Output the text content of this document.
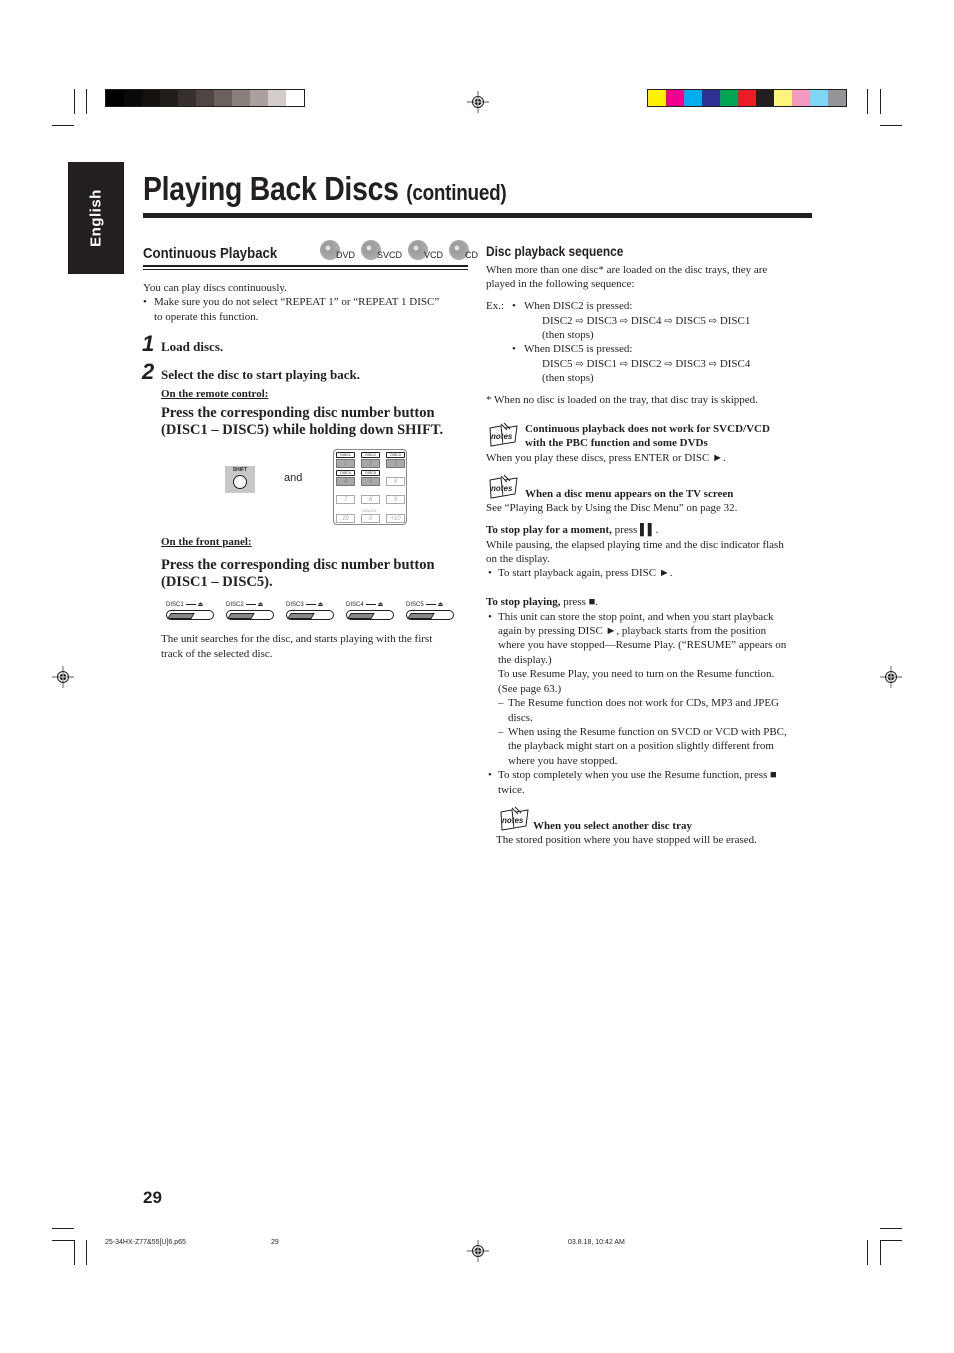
English
Playing Back Discs (continued)
Continuous Playback	DVD SVCD VCD CD
You can play discs continuously.
• Make sure you do not select “REPEAT 1” or “REPEAT 1 DISC”
to operate this function.
1 Load discs.
2 Select the disc to start playing back.
On the remote control:
Press the corresponding disc number button
(DISC1 – DISC5) while holding down SHIFT.
SHIFT
and
DISC1	DISC2	DISC3
1	2	3
DISC4	DISC5
4	5	6
7	8	9
CANCEL
10	0	+10
On the front panel:
Press the corresponding disc number button
(DISC1 – DISC5).
DISC1 ⏏	DISC2 ⏏	DISC3 ⏏	DISC4 ⏏	DISC5 ⏏
The unit searches for the disc, and starts playing with the first
track of the selected disc.
Disc playback sequence
When more than one disc* are loaded on the disc trays, they are
played in the following sequence:
Ex.: • When DISC2 is pressed:
DISC2 ⇨ DISC3 ⇨ DISC4 ⇨ DISC5 ⇨ DISC1
(then stops)
• When DISC5 is pressed:
DISC5 ⇨ DISC1 ⇨ DISC2 ⇨ DISC3 ⇨ DISC4
(then stops)
* When no disc is loaded on the tray, that disc tray is skipped.
notes
Continuous playback does not work for SVCD/VCD
with the PBC function and some DVDs
When you play these discs, press ENTER or DISC ►.
notes When a disc menu appears on the TV screen
See “Playing Back by Using the Disc Menu” on page 32.
To stop play for a moment, press ▌▌.
While pausing, the elapsed playing time and the disc indicator flash
on the display.
• To start playback again, press DISC ►.
To stop playing, press ■.
• This unit can store the stop point, and when you start playback
again by pressing DISC ►, playback starts from the position
where you have stopped—Resume Play. (“RESUME” appears on
the display.)
To use Resume Play, you need to turn on the Resume function.
(See page 63.)
– The Resume function does not work for CDs, MP3 and JPEG
discs.
– When using the Resume function on SVCD or VCD with PBC,
the playback might start on a position slightly different from
where you have stopped.
• To stop completely when you use the Resume function, press ■
twice.
notes When you select another disc tray
The stored position where you have stopped will be erased.
29
25-34HX-Z77&55[U]6.p65	29	03.8.18, 10:42 AM
